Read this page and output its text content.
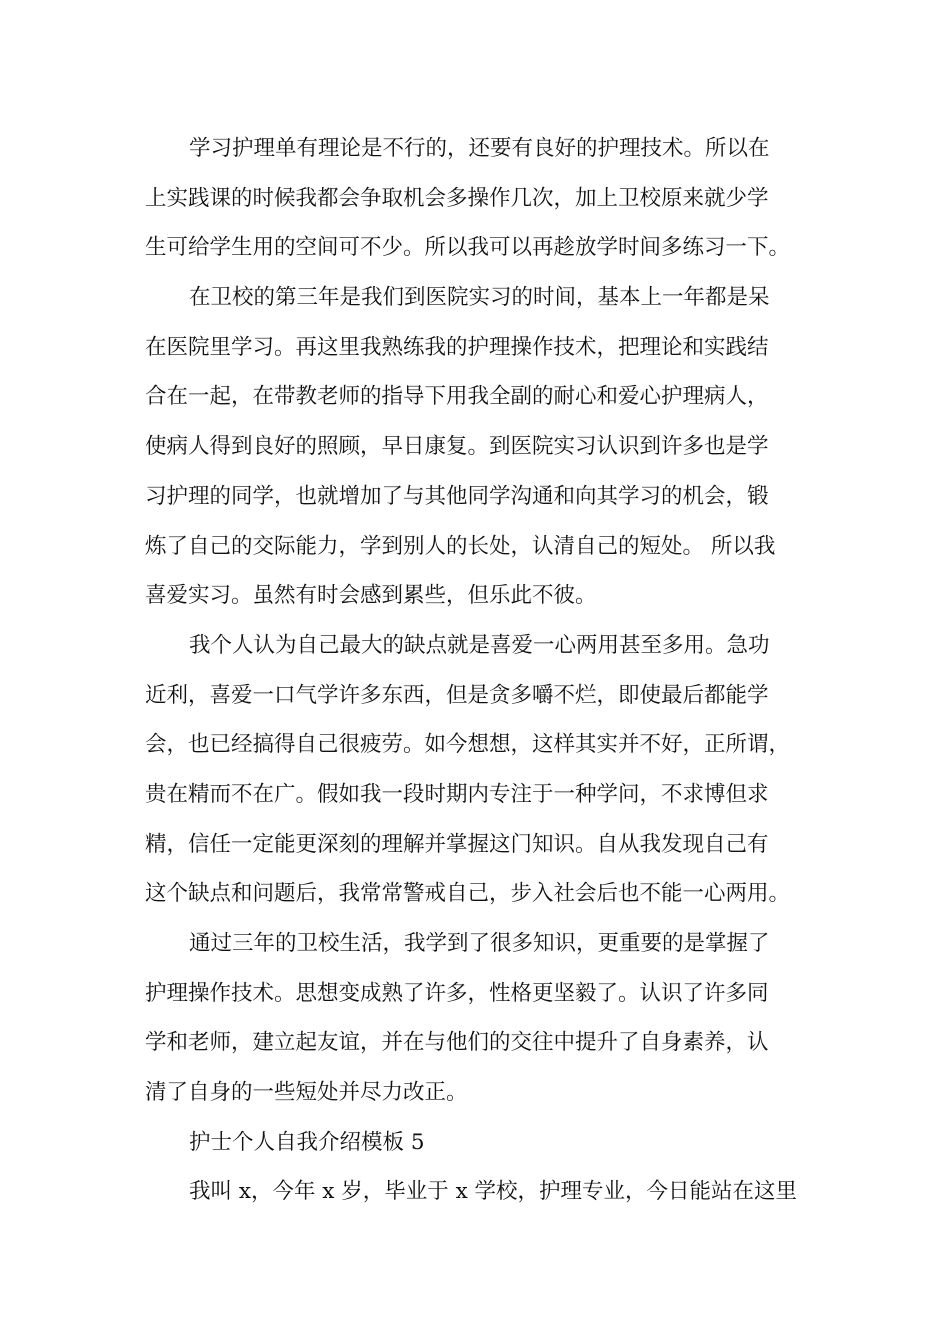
学习护理单有理论是不行的，还要有良好的护理技术。所以在
上实践课的时候我都会争取机会多操作几次，加上卫校原来就少学
生可给学生用的空间可不少。所以我可以再趁放学时间多练习一下。
在卫校的第三年是我们到医院实习的时间，基本上一年都是呆
在医院里学习。再这里我熟练我的护理操作技术，把理论和实践结
合在一起，在带教老师的指导下用我全副的耐心和爱心护理病人，
使病人得到良好的照顾，早日康复。到医院实习认识到许多也是学
习护理的同学，也就增加了与其他同学沟通和向其学习的机会，锻
炼了自己的交际能力，学到别人的长处，认清自己的短处。 所以我
喜爱实习。虽然有时会感到累些，但乐此不彼。
我个人认为自己最大的缺点就是喜爱一心两用甚至多用。急功
近利，喜爱一口气学许多东西，但是贪多嚼不烂，即使最后都能学
会，也已经搞得自己很疲劳。如今想想，这样其实并不好，正所谓，
贵在精而不在广。假如我一段时期内专注于一种学问，不求博但求
精，信任一定能更深刻的理解并掌握这门知识。自从我发现自己有
这个缺点和问题后，我常常警戒自己，步入社会后也不能一心两用。
通过三年的卫校生活，我学到了很多知识，更重要的是掌握了
护理操作技术。思想变成熟了许多，性格更坚毅了。认识了许多同
学和老师，建立起友谊，并在与他们的交往中提升了自身素养，认
清了自身的一些短处并尽力改正。
护士个人自我介绍模板 5
我叫 x，今年 x 岁，毕业于 x 学校，护理专业，今日能站在这里
